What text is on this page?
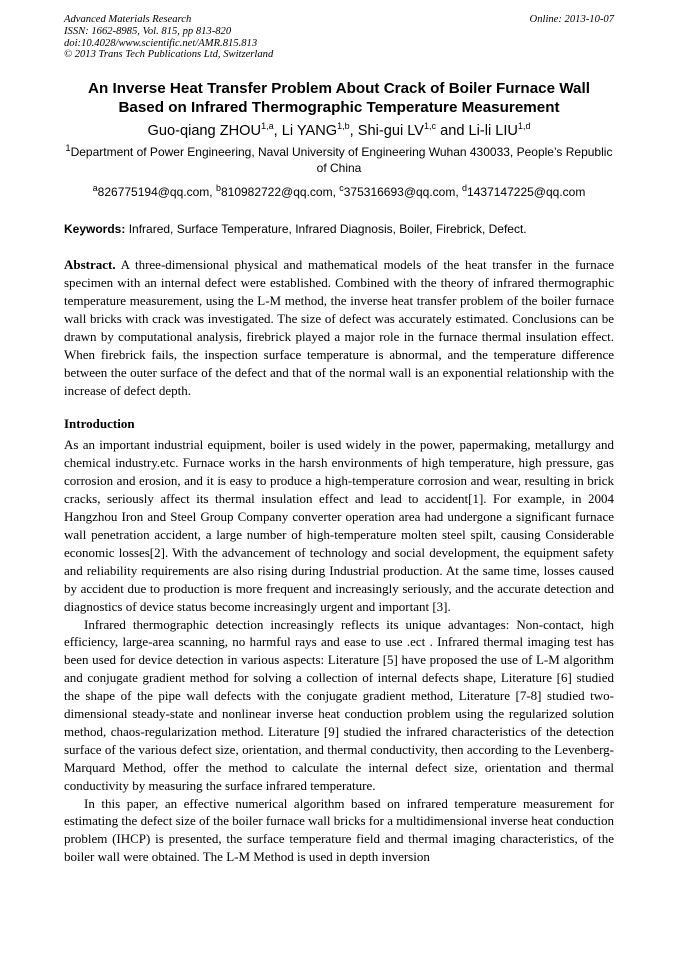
Advanced Materials Research
ISSN: 1662-8985, Vol. 815, pp 813-820
doi:10.4028/www.scientific.net/AMR.815.813
© 2013 Trans Tech Publications Ltd, Switzerland
Online: 2013-10-07
An Inverse Heat Transfer Problem About Crack of Boiler Furnace Wall
Based on Infrared Thermographic Temperature Measurement
Guo-qiang ZHOU$^{1,a}$, Li YANG$^{1,b}$, Shi-gui LV$^{1,c}$ and Li-li LIU$^{1,d}$
$^1$Department of Power Engineering, Naval University of Engineering Wuhan 430033, People’s Republic of China
$^a$826775194@qq.com, $^b$810982722@qq.com, $^c$375316693@qq.com, $^d$1437147225@qq.com
Keywords: Infrared, Surface Temperature, Infrared Diagnosis, Boiler, Firebrick, Defect.
Abstract. A three-dimensional physical and mathematical models of the heat transfer in the furnace specimen with an internal defect were established. Combined with the theory of infrared thermographic temperature measurement, using the L-M method, the inverse heat transfer problem of the boiler furnace wall bricks with crack was investigated. The size of defect was accurately estimated. Conclusions can be drawn by computational analysis, firebrick played a major role in the furnace thermal insulation effect. When firebrick fails, the inspection surface temperature is abnormal, and the temperature difference between the outer surface of the defect and that of the normal wall is an exponential relationship with the increase of defect depth.
Introduction

As an important industrial equipment, boiler is used widely in the power, papermaking, metallurgy and chemical industry.etc. Furnace works in the harsh environments of high temperature, high pressure, gas corrosion and erosion, and it is easy to produce a high-temperature corrosion and wear, resulting in brick cracks, seriously affect its thermal insulation effect and lead to accident[1]. For example, in 2004 Hangzhou Iron and Steel Group Company converter operation area had undergone a significant furnace wall penetration accident, a large number of high-temperature molten steel spilt, causing Considerable economic losses[2]. With the advancement of technology and social development, the equipment safety and reliability requirements are also rising during Industrial production. At the same time, losses caused by accident due to production is more frequent and increasingly seriously, and the accurate detection and diagnostics of device status become increasingly urgent and important [3].

Infrared thermographic detection increasingly reflects its unique advantages: Non-contact, high efficiency, large-area scanning, no harmful rays and ease to use .ect . Infrared thermal imaging test has been used for device detection in various aspects: Literature [5] have proposed the use of L-M algorithm and conjugate gradient method for solving a collection of internal defects shape, Literature [6] studied the shape of the pipe wall defects with the conjugate gradient method, Literature [7-8] studied two-dimensional steady-state and nonlinear inverse heat conduction problem using the regularized solution method, chaos-regularization method. Literature [9] studied the infrared characteristics of the detection surface of the various defect size, orientation, and thermal conductivity, then according to the Levenberg-Marquard Method, offer the method to calculate the internal defect size, orientation and thermal conductivity by measuring the surface infrared temperature.

In this paper, an effective numerical algorithm based on infrared temperature measurement for estimating the defect size of the boiler furnace wall bricks for a multidimensional inverse heat conduction problem (IHCP) is presented, the surface temperature field and thermal imaging characteristics, of the boiler wall were obtained. The L-M Method is used in depth inversion
